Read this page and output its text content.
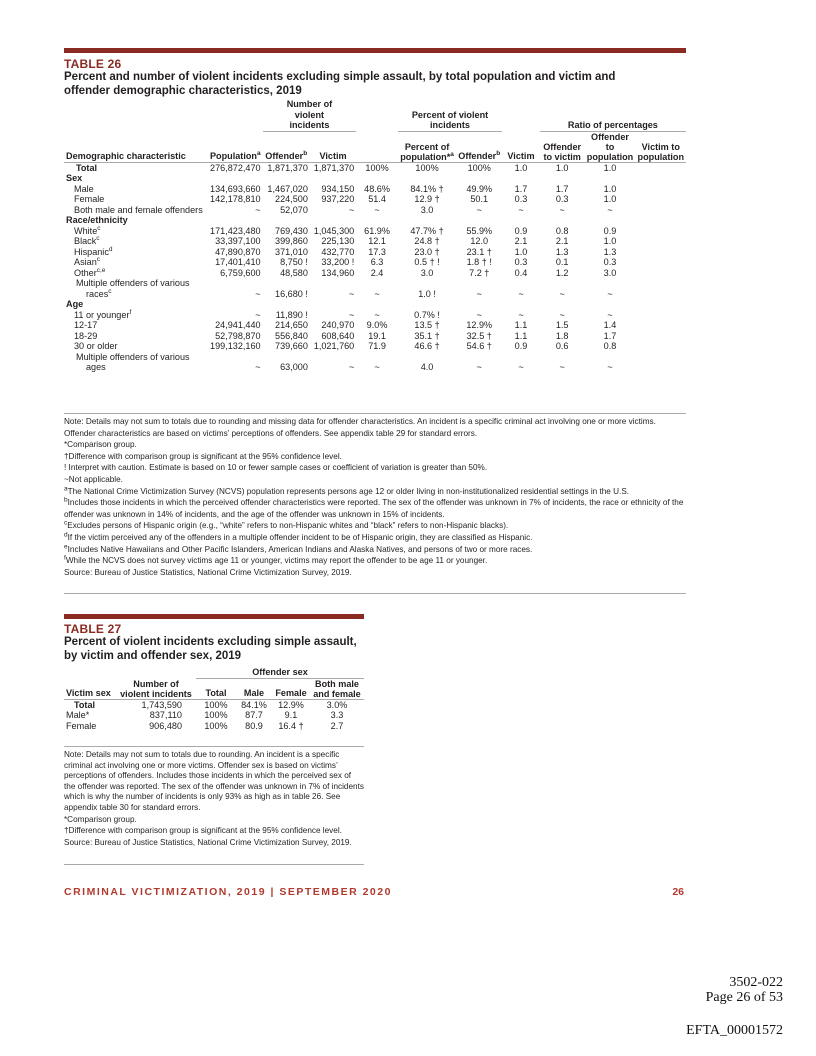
TABLE 26
Percent and number of violent incidents excluding simple assault, by total population and victim and offender demographic characteristics, 2019
		Number of violent incidents			Percent of violent incidents			Ratio of percentages		
Demographic characteristic	Population$^a$	Offender$^b$	Victim		Percent of population*$^a$	Offender$^b$	Victim	Offender to victim	Offender to population	Victim to population
Total	276,872,470	1,871,370	1,871,370	100%	100%	100%	1.0	1.0	1.0	
Sex										
Male	134,693,660	1,467,020	934,150	48.6%	84.1% †	49.9%	1.7	1.7	1.0	
Female	142,178,810	224,500	937,220	51.4	12.9 †	50.1	0.3	0.3	1.0	
Both male and female offenders	~	52,070	~	~	3.0	~	~	~	~	
Race/ethnicity										
White$^c$	171,423,480	769,430	1,045,300	61.9%	47.7% †	55.9%	0.9	0.8	0.9	
Black$^c$	33,397,100	399,860	225,130	12.1	24.8 †	12.0	2.1	2.1	1.0	
Hispanic$^d$	47,890,870	371,010	432,770	17.3	23.0 †	23.1 †	1.0	1.3	1.3	
Asian$^c$	17,401,410	8,750 !	33,200 !	6.3	0.5 † !	1.8 † !	0.3	0.1	0.3	
Other$^{c,e}$	6,759,600	48,580	134,960	2.4	3.0	7.2 †	0.4	1.2	3.0	

Multiple offenders of various
races$^c$	~	16,680 !	~	~	1.0 !	~	~	~	~	
Age										
11 or younger$^f$	~	11,890 !	~	~	0.7% !	~	~	~	~	
12-17	24,941,440	214,650	240,970	9.0%	13.5 †	12.9%	1.1	1.5	1.4	
18-29	52,798,870	556,840	608,640	19.1	35.1 †	32.5 †	1.1	1.8	1.7	
30 or older	199,132,160	739,660	1,021,760	71.9	46.6 †	54.6 †	0.9	0.6	0.8	

Multiple offenders of various
ages	~	63,000	~	~	4.0	~	~	~	~	

Note: Details may not sum to totals due to rounding and missing data for offender characteristics. An incident is a specific criminal act involving one or more victims. Offender characteristics are based on victims’ perceptions of offenders. See appendix table 29 for standard errors.

*Comparison group.

†Difference with comparison group is significant at the 95% confidence level.

! Interpret with caution. Estimate is based on 10 or fewer sample cases or coefficient of variation is greater than 50%.

~Not applicable.

$^a$The National Crime Victimization Survey (NCVS) population represents persons age 12 or older living in non-institutionalized residential settings in the U.S.

$^b$Includes those incidents in which the perceived offender characteristics were reported. The sex of the offender was unknown in 7% of incidents, the race or ethnicity of the offender was unknown in 14% of incidents, and the age of the offender was unknown in 15% of incidents.

$^c$Excludes persons of Hispanic origin (e.g., “white” refers to non-Hispanic whites and “black” refers to non-Hispanic blacks).

$^d$If the victim perceived any of the offenders in a multiple offender incident to be of Hispanic origin, they are classified as Hispanic.

$^e$Includes Native Hawaiians and Other Pacific Islanders, American Indians and Alaska Natives, and persons of two or more races.

$^f$While the NCVS does not survey victims age 11 or younger, victims may report the offender to be age 11 or younger.

Source: Bureau of Justice Statistics, National Crime Victimization Survey, 2019.

TABLE 27
Percent of violent incidents excluding simple assault, by victim and offender sex, 2019
		Offender sex			
Victim sex	Number of violent incidents	Total	Male	Female	Both male and female
Total	1,743,590	100%	84.1%	12.9%	3.0%
Male*	837,110	100%	87.7	9.1	3.3
Female	906,480	100%	80.9	16.4 †	2.7

Note: Details may not sum to totals due to rounding. An incident is a specific criminal act involving one or more victims. Offender sex is based on victims’ perceptions of offenders. Includes those incidents in which the perceived sex of the offender was reported. The sex of the offender was unknown in 7% of incidents which is why the number of incidents is only 93% as high as in table 26. See appendix table 30 for standard errors.

*Comparison group.

†Difference with comparison group is significant at the 95% confidence level.

Source: Bureau of Justice Statistics, National Crime Victimization Survey, 2019.

CRIMINAL VICTIMIZATION, 2019 | SEPTEMBER 2020	26
3502-022
Page 26 of 53
EFTA_00001572
